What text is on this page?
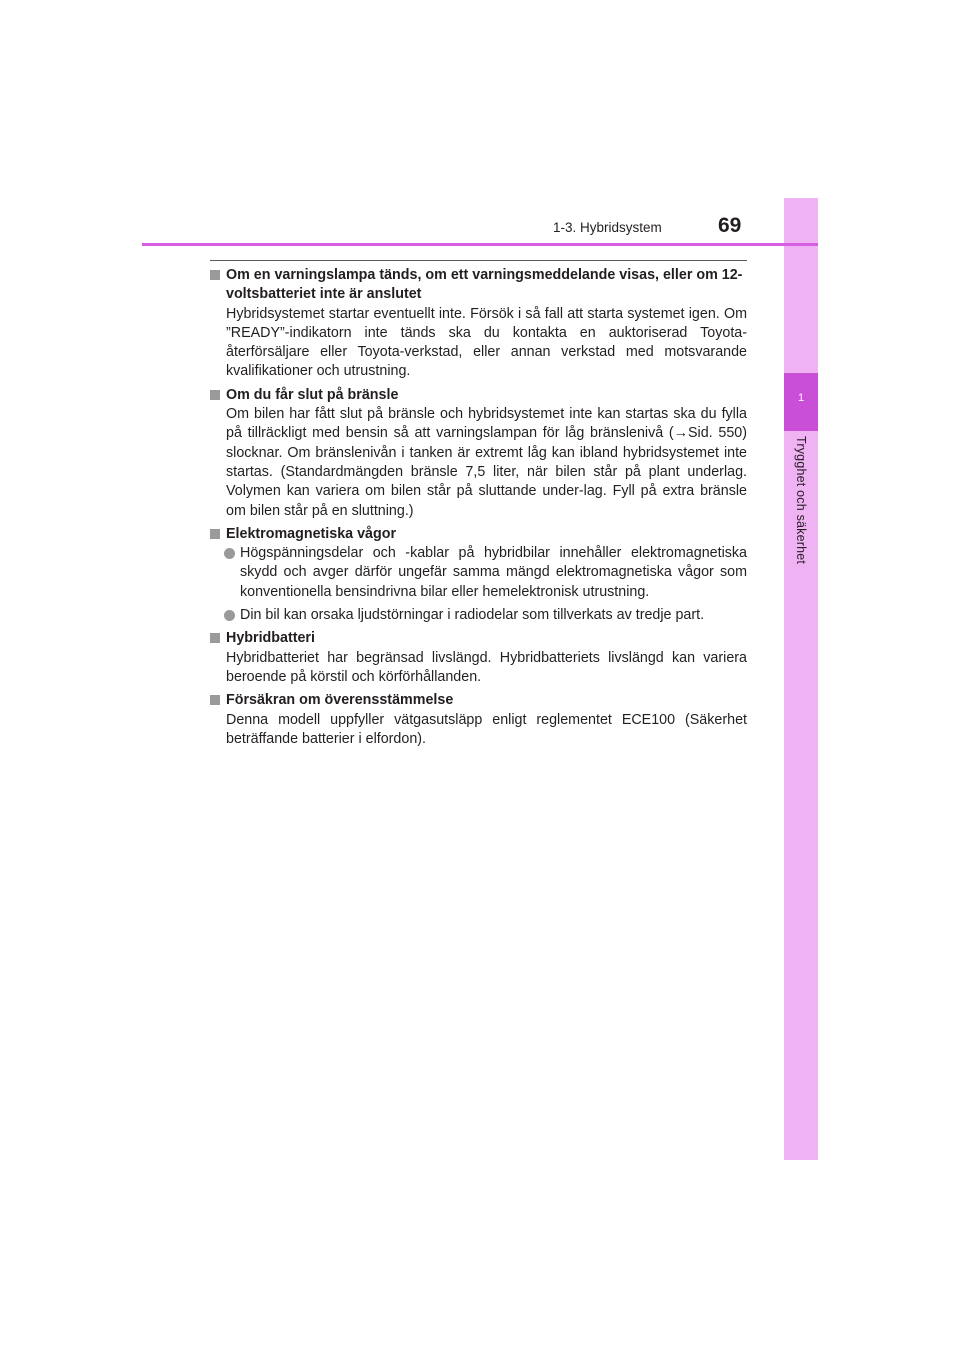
1
Trygghet och säkerhet
1-3. Hybridsystem	69
Om en varningslampa tänds, om ett varningsmeddelande visas, eller om 12-voltsbatteriet inte är anslutet
Hybridsystemet startar eventuellt inte. Försök i så fall att starta systemet igen. Om ”READY”-indikatorn inte tänds ska du kontakta en auktoriserad Toyota-återförsäljare eller Toyota-verkstad, eller annan verkstad med motsvarande kvalifikationer och utrustning.
Om du får slut på bränsle
Om bilen har fått slut på bränsle och hybridsystemet inte kan startas ska du fylla på tillräckligt med bensin så att varningslampan för låg bränslenivå (→Sid. 550) slocknar. Om bränslenivån i tanken är extremt låg kan ibland hybridsystemet inte startas. (Standardmängden bränsle 7,5 liter, när bilen står på plant underlag. Volymen kan variera om bilen står på sluttande under-lag. Fyll på extra bränsle om bilen står på en sluttning.)
Elektromagnetiska vågor
Högspänningsdelar och -kablar på hybridbilar innehåller elektromagnetiska skydd och avger därför ungefär samma mängd elektromagnetiska vågor som konventionella bensindrivna bilar eller hemelektronisk utrustning.
Din bil kan orsaka ljudstörningar i radiodelar som tillverkats av tredje part.
Hybridbatteri
Hybridbatteriet har begränsad livslängd. Hybridbatteriets livslängd kan variera beroende på körstil och körförhållanden.
Försäkran om överensstämmelse
Denna modell uppfyller vätgasutsläpp enligt reglementet ECE100 (Säkerhet beträffande batterier i elfordon).
